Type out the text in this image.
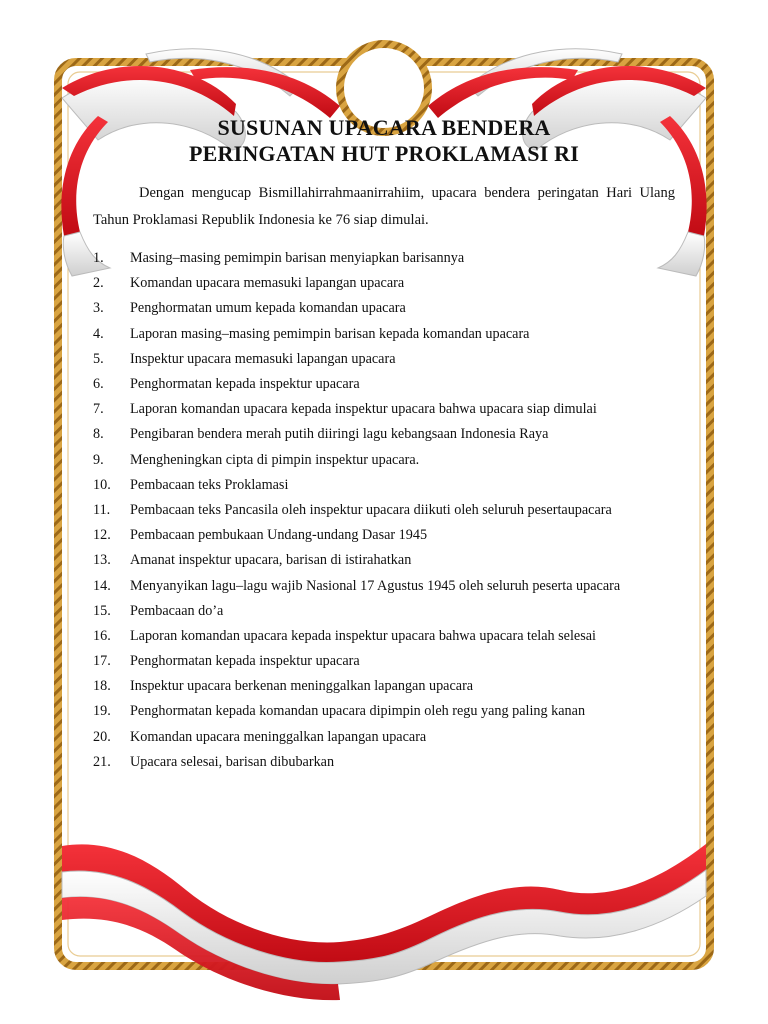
SUSUNAN UPACARA BENDERA
PERINGATAN HUT PROKLAMASI RI

Dengan mengucap Bismillahirrahmaanirrahiim, upacara bendera peringatan Hari Ulang Tahun Proklamasi Republik Indonesia ke 76 siap dimulai.

1.	Masing–masing pemimpin barisan menyiapkan barisannya
2.	Komandan upacara memasuki lapangan upacara
3.	Penghormatan umum kepada komandan upacara
4.	Laporan masing–masing pemimpin barisan kepada komandan upacara
5.	Inspektur upacara memasuki lapangan upacara
6.	Penghormatan kepada inspektur upacara
7.	Laporan komandan upacara kepada inspektur upacara bahwa upacara siap dimulai
8.	Pengibaran bendera merah putih diiringi lagu kebangsaan Indonesia Raya
9.	Mengheningkan cipta di pimpin inspektur upacara.
10.	Pembacaan teks Proklamasi
11.	Pembacaan teks Pancasila oleh inspektur upacara diikuti oleh seluruh pesertaupacara
12.	Pembacaan pembukaan Undang-undang Dasar 1945
13.	Amanat inspektur upacara, barisan di istirahatkan
14.	Menyanyikan lagu–lagu wajib Nasional 17 Agustus 1945 oleh seluruh peserta upacara
15.	Pembacaan do’a
16.	Laporan komandan upacara kepada inspektur upacara bahwa upacara telah selesai
17.	Penghormatan kepada inspektur upacara
18.	Inspektur upacara berkenan meninggalkan lapangan upacara
19.	Penghormatan kepada komandan upacara dipimpin oleh regu yang paling kanan
20.	Komandan upacara meninggalkan lapangan upacara
21.	Upacara selesai, barisan dibubarkan
